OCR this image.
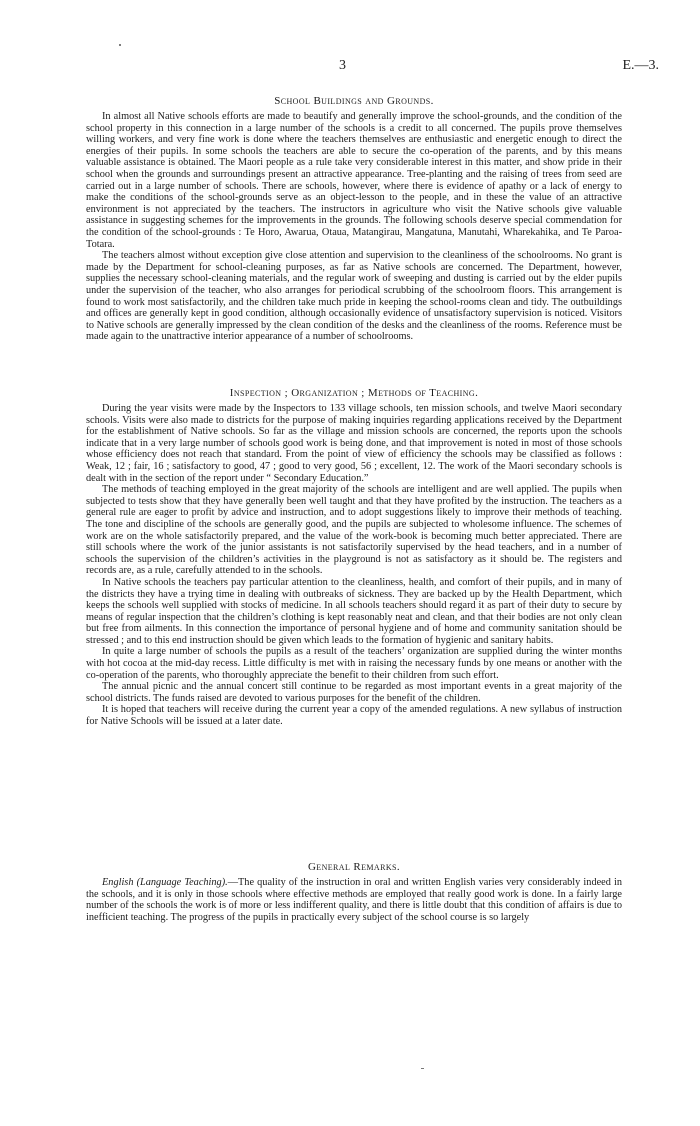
3	E.—3.
School Buildings and Grounds.

In almost all Native schools efforts are made to beautify and generally improve the school-grounds, and the condition of the school property in this connection in a large number of the schools is a credit to all concerned. The pupils prove themselves willing workers, and very fine work is done where the teachers themselves are enthusiastic and energetic enough to direct the energies of their pupils. In some schools the teachers are able to secure the co-operation of the parents, and by this means valuable assistance is obtained. The Maori people as a rule take very considerable interest in this matter, and show pride in their school when the grounds and surroundings present an attractive appearance. Tree-planting and the raising of trees from seed are carried out in a large number of schools. There are schools, however, where there is evidence of apathy or a lack of energy to make the conditions of the school-grounds serve as an object-lesson to the people, and in these the value of an attractive environment is not appreciated by the teachers. The instructors in agriculture who visit the Native schools give valuable assistance in suggesting schemes for the improvements in the grounds. The following schools deserve special commendation for the condition of the school-grounds : Te Horo, Awarua, Otaua, Matangirau, Mangatuna, Manutahi, Wharekahika, and Te Paroa-Totara.

The teachers almost without exception give close attention and supervision to the cleanliness of the schoolrooms. No grant is made by the Department for school-cleaning purposes, as far as Native schools are concerned. The Department, however, supplies the necessary school-cleaning materials, and the regular work of sweeping and dusting is carried out by the elder pupils under the supervision of the teacher, who also arranges for periodical scrubbing of the schoolroom floors. This arrangement is found to work most satisfactorily, and the children take much pride in keeping the school-rooms clean and tidy. The outbuildings and offices are generally kept in good condition, although occasionally evidence of unsatisfactory supervision is noticed. Visitors to Native schools are generally impressed by the clean condition of the desks and the cleanliness of the rooms. Reference must be made again to the unattractive interior appearance of a number of schoolrooms.

Inspection ; Organization ; Methods of Teaching.

During the year visits were made by the Inspectors to 133 village schools, ten mission schools, and twelve Maori secondary schools. Visits were also made to districts for the purpose of making inquiries regarding applications received by the Department for the establishment of Native schools. So far as the village and mission schools are concerned, the reports upon the schools indicate that in a very large number of schools good work is being done, and that improvement is noted in most of those schools whose efficiency does not reach that standard. From the point of view of efficiency the schools may be classified as follows : Weak, 12 ; fair, 16 ; satisfactory to good, 47 ; good to very good, 56 ; excellent, 12. The work of the Maori secondary schools is dealt with in the section of the report under “ Secondary Education.”

The methods of teaching employed in the great majority of the schools are intelligent and are well applied. The pupils when subjected to tests show that they have generally been well taught and that they have profited by the instruction. The teachers as a general rule are eager to profit by advice and instruction, and to adopt suggestions likely to improve their methods of teaching. The tone and discipline of the schools are generally good, and the pupils are subjected to wholesome influence. The schemes of work are on the whole satisfactorily prepared, and the value of the work-book is becoming much better appreciated. There are still schools where the work of the junior assistants is not satisfactorily supervised by the head teachers, and in a number of schools the supervision of the children’s activities in the playground is not as satisfactory as it should be. The registers and records are, as a rule, carefully attended to in the schools.

In Native schools the teachers pay particular attention to the cleanliness, health, and comfort of their pupils, and in many of the districts they have a trying time in dealing with outbreaks of sickness. They are backed up by the Health Department, which keeps the schools well supplied with stocks of medicine. In all schools teachers should regard it as part of their duty to secure by means of regular inspection that the children’s clothing is kept reasonably neat and clean, and that their bodies are not only clean but free from ailments. In this connection the importance of personal hygiene and of home and community sanitation should be stressed ; and to this end instruction should be given which leads to the formation of hygienic and sanitary habits.

In quite a large number of schools the pupils as a result of the teachers’ organization are supplied during the winter months with hot cocoa at the mid-day recess. Little difficulty is met with in raising the necessary funds by one means or another with the co-operation of the parents, who thoroughly appreciate the benefit to their children from such effort.

The annual picnic and the annual concert still continue to be regarded as most important events in a great majority of the school districts. The funds raised are devoted to various purposes for the benefit of the children.

It is hoped that teachers will receive during the current year a copy of the amended regulations. A new syllabus of instruction for Native Schools will be issued at a later date.

General Remarks.

English (Language Teaching).—The quality of the instruction in oral and written English varies very considerably indeed in the schools, and it is only in those schools where effective methods are employed that really good work is done. In a fairly large number of the schools the work is of more or less indifferent quality, and there is little doubt that this condition of affairs is due to inefficient teaching. The progress of the pupils in practically every subject of the school course is so largely
